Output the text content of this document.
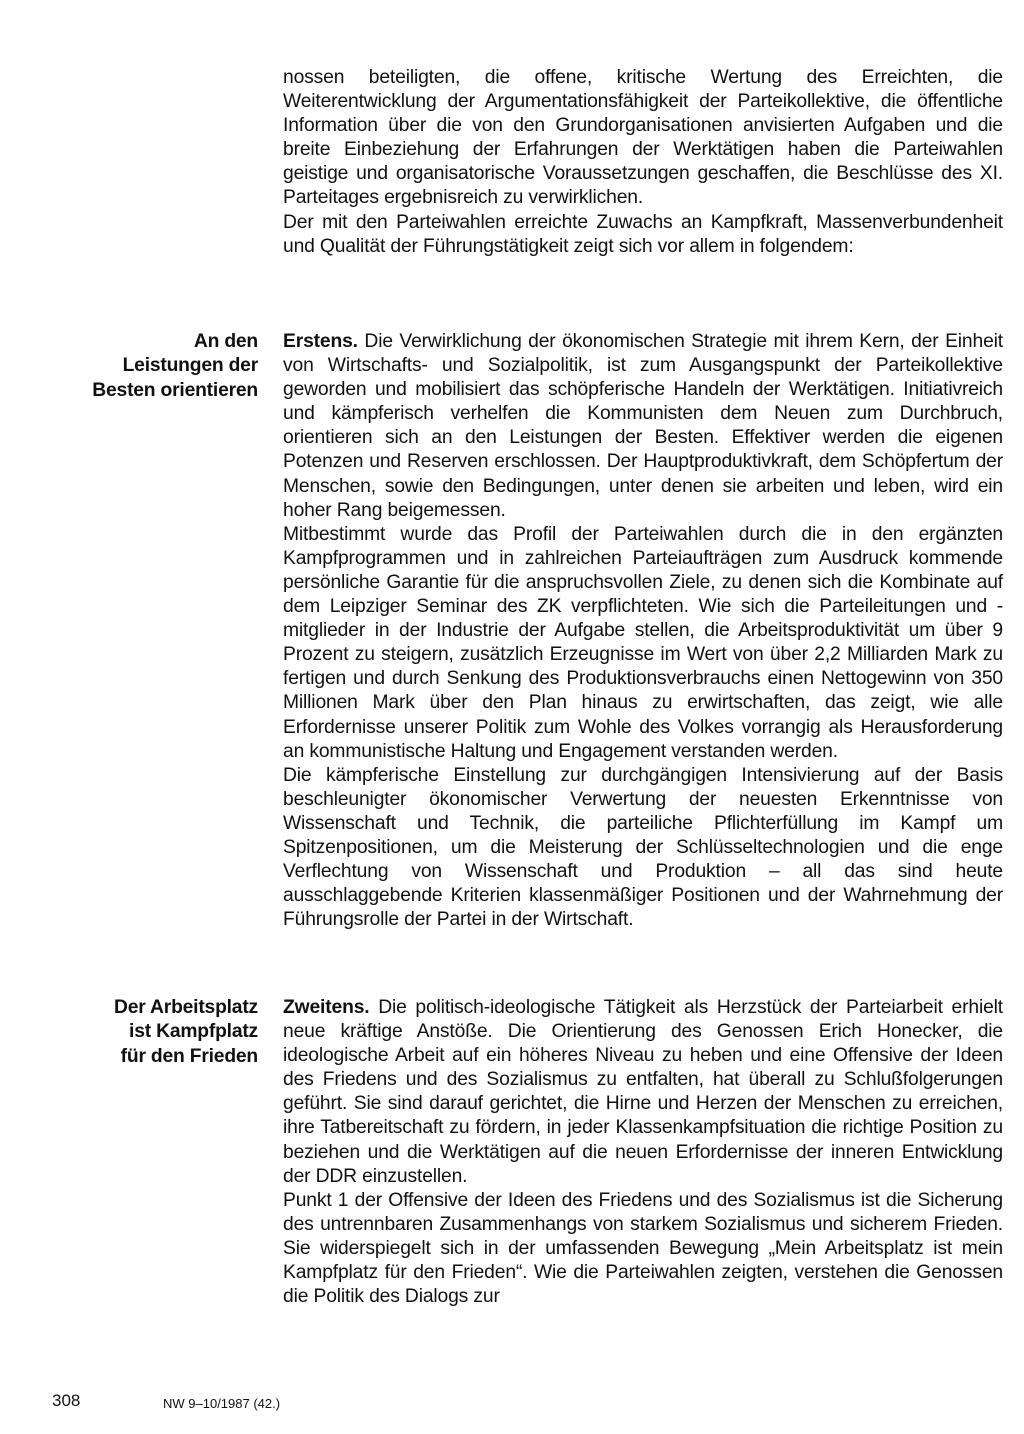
nossen beteiligten, die offene, kritische Wertung des Erreichten, die Weiterentwicklung der Argumentationsfähigkeit der Parteikollektive, die öffentliche Information über die von den Grundorganisationen anvisierten Aufgaben und die breite Einbeziehung der Erfahrungen der Werktätigen haben die Parteiwahlen geistige und organisatorische Voraussetzungen geschaffen, die Beschlüsse des XI. Parteitages ergebnisreich zu verwirklichen.

Der mit den Parteiwahlen erreichte Zuwachs an Kampfkraft, Massenverbundenheit und Qualität der Führungstätigkeit zeigt sich vor allem in folgendem:

An den
Leistungen der
Besten orientieren

Erstens. Die Verwirklichung der ökonomischen Strategie mit ihrem Kern, der Einheit von Wirtschafts- und Sozialpolitik, ist zum Ausgangspunkt der Parteikollektive geworden und mobilisiert das schöpferische Handeln der Werktätigen. Initiativreich und kämpferisch verhelfen die Kommunisten dem Neuen zum Durchbruch, orientieren sich an den Leistungen der Besten. Effektiver werden die eigenen Potenzen und Reserven erschlossen. Der Hauptproduktivkraft, dem Schöpfertum der Menschen, sowie den Bedingungen, unter denen sie arbeiten und leben, wird ein hoher Rang beigemessen.

Mitbestimmt wurde das Profil der Parteiwahlen durch die in den ergänzten Kampfprogrammen und in zahlreichen Parteiaufträgen zum Ausdruck kommende persönliche Garantie für die anspruchsvollen Ziele, zu denen sich die Kombinate auf dem Leipziger Seminar des ZK verpflichteten. Wie sich die Parteileitungen und -mitglieder in der Industrie der Aufgabe stellen, die Arbeitsproduktivität um über 9 Prozent zu steigern, zusätzlich Erzeugnisse im Wert von über 2,2 Milliarden Mark zu fertigen und durch Senkung des Produktionsverbrauchs einen Nettogewinn von 350 Millionen Mark über den Plan hinaus zu erwirtschaften, das zeigt, wie alle Erfordernisse unserer Politik zum Wohle des Volkes vorrangig als Herausforderung an kommunistische Haltung und Engagement verstanden werden.

Die kämpferische Einstellung zur durchgängigen Intensivierung auf der Basis beschleunigter ökonomischer Verwertung der neuesten Erkenntnisse von Wissenschaft und Technik, die parteiliche Pflichterfüllung im Kampf um Spitzenpositionen, um die Meisterung der Schlüsseltechnologien und die enge Verflechtung von Wissenschaft und Produktion – all das sind heute ausschlaggebende Kriterien klassenmäßiger Positionen und der Wahrnehmung der Führungsrolle der Partei in der Wirtschaft.

Der Arbeitsplatz
ist Kampfplatz
für den Frieden

Zweitens. Die politisch-ideologische Tätigkeit als Herzstück der Parteiarbeit erhielt neue kräftige Anstöße. Die Orientierung des Genossen Erich Honecker, die ideologische Arbeit auf ein höheres Niveau zu heben und eine Offensive der Ideen des Friedens und des Sozialismus zu entfalten, hat überall zu Schlußfolgerungen geführt. Sie sind darauf gerichtet, die Hirne und Herzen der Menschen zu erreichen, ihre Tatbereitschaft zu fördern, in jeder Klassenkampfsituation die richtige Position zu beziehen und die Werktätigen auf die neuen Erfordernisse der inneren Entwicklung der DDR einzustellen.

Punkt 1 der Offensive der Ideen des Friedens und des Sozialismus ist die Sicherung des untrennbaren Zusammenhangs von starkem Sozialismus und sicherem Frieden. Sie widerspiegelt sich in der umfassenden Bewegung „Mein Arbeitsplatz ist mein Kampfplatz für den Frieden“. Wie die Parteiwahlen zeigten, verstehen die Genossen die Politik des Dialogs zur

308	NW 9–10/1987 (42.)
